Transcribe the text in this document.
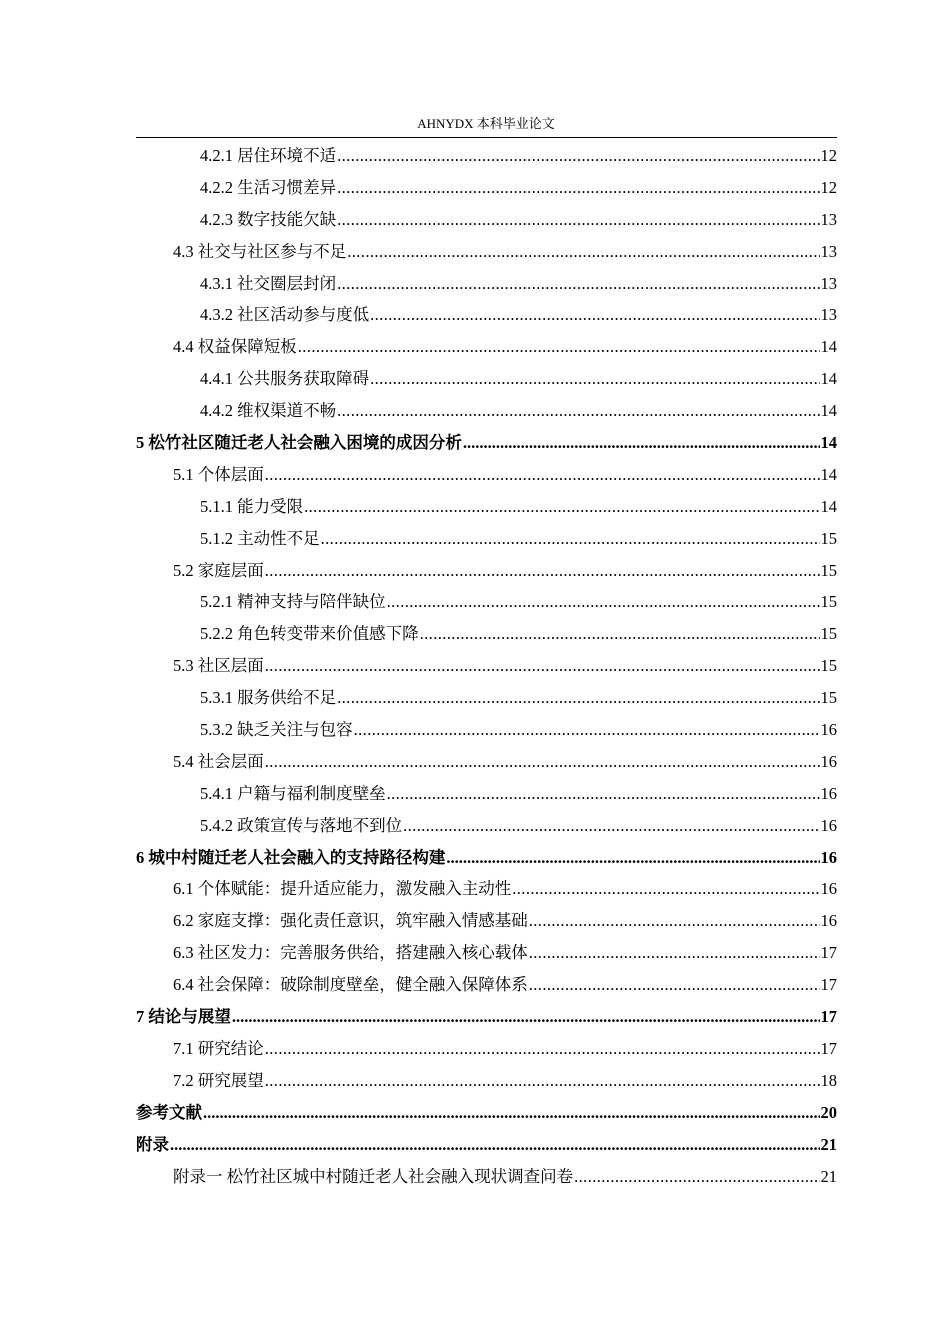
AHNYDX 本科毕业论文
4.2.1 居住环境不适 .....	12
4.2.2 生活习惯差异 .....	12
4.2.3 数字技能欠缺 .....	13
4.3 社交与社区参与不足 .....	13
4.3.1 社交圈层封闭 .....	13
4.3.2 社区活动参与度低 .....	13
4.4 权益保障短板 .....	14
4.4.1 公共服务获取障碍 .....	14
4.4.2 维权渠道不畅 .....	14
5 松竹社区随迁老人社会融入困境的成因分析 .....	14
5.1 个体层面 .....	14
5.1.1 能力受限 .....	14
5.1.2 主动性不足 .....	15
5.2 家庭层面 .....	15
5.2.1 精神支持与陪伴缺位 .....	15
5.2.2 角色转变带来价值感下降 .....	15
5.3 社区层面 .....	15
5.3.1 服务供给不足 .....	15
5.3.2 缺乏关注与包容 .....	16
5.4 社会层面 .....	16
5.4.1 户籍与福利制度壁垒 .....	16
5.4.2 政策宣传与落地不到位 .....	16
6 城中村随迁老人社会融入的支持路径构建 .....	16
6.1 个体赋能：提升适应能力，激发融入主动性 .....	16
6.2 家庭支撑：强化责任意识，筑牢融入情感基础 .....	16
6.3 社区发力：完善服务供给，搭建融入核心载体 .....	17
6.4 社会保障：破除制度壁垒，健全融入保障体系 .....	17
7 结论与展望 .....	17
7.1 研究结论 .....	17
7.2 研究展望 .....	18
参考文献 .....	20
附录 .....	21
附录一 松竹社区城中村随迁老人社会融入现状调查问卷 .....	21
